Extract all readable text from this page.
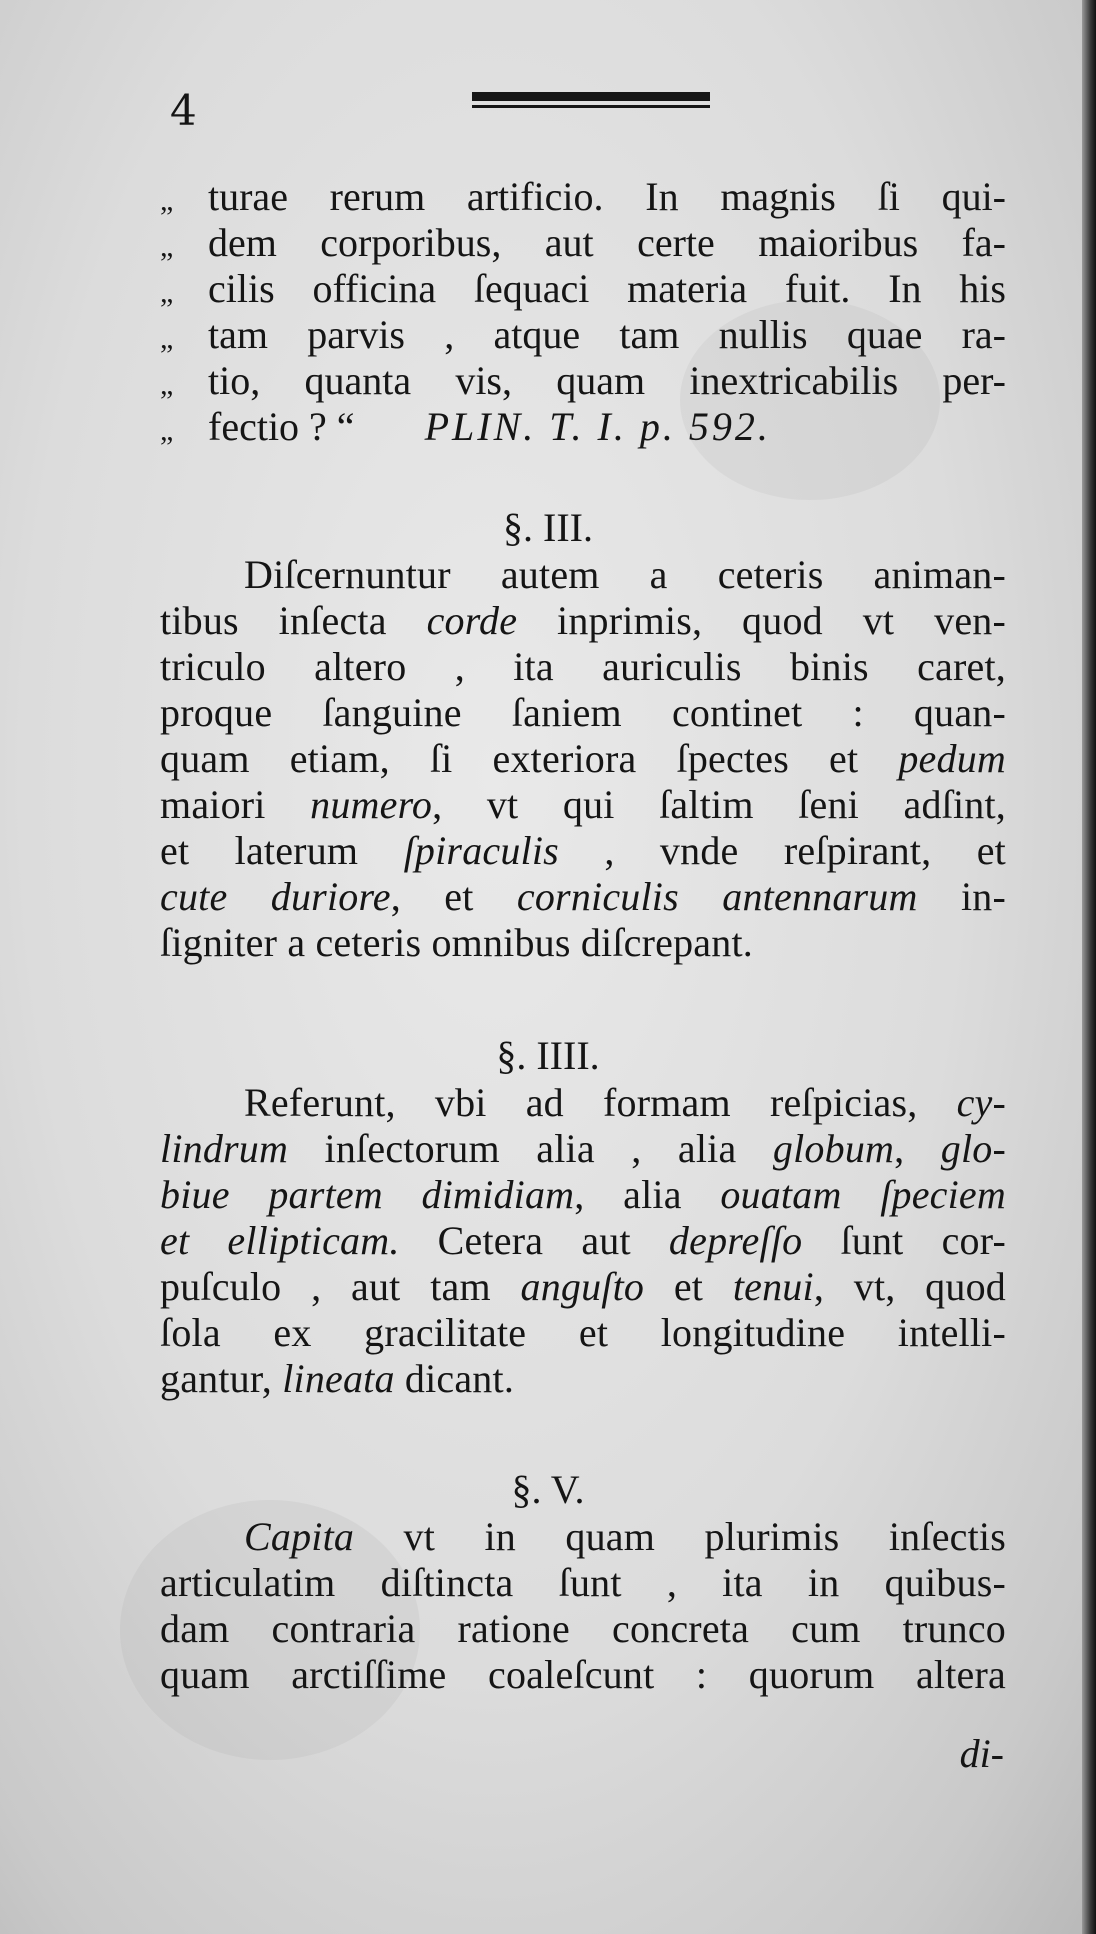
4

„ turae rerum artificio. In magnis ſi qui-
„ dem corporibus, aut certe maioribus fa-
„ cilis officina ſequaci materia fuit. In his
„ tam parvis , atque tam nullis quae ra-
„ tio, quanta vis, quam inextricabilis per-
„ fectio ? “ PLIN. T. I. p. 592.

§. III.

Diſcernuntur autem a ceteris animan-
tibus inſecta corde inprimis, quod vt ven-
triculo altero , ita auriculis binis caret,
proque ſanguine ſaniem continet : quan-
quam etiam, ſi exteriora ſpectes et pedum
maiori numero, vt qui ſaltim ſeni adſint,
et laterum ſpiraculis , vnde reſpirant, et
cute duriore, et corniculis antennarum in-
ſigniter a ceteris omnibus diſcrepant.

§. IIII.

Referunt, vbi ad formam reſpicias, cy-
lindrum inſectorum alia , alia globum, glo-
biue partem dimidiam, alia ouatam ſpeciem
et ellipticam. Cetera aut depreſſo ſunt cor-
puſculo , aut tam anguſto et tenui, vt, quod
ſola ex gracilitate et longitudine intelli-
gantur, lineata dicant.

§. V.

Capita vt in quam plurimis inſectis
articulatim diſtincta ſunt , ita in quibus-
dam contraria ratione concreta cum trunco
quam arctiſſime coaleſcunt : quorum altera
di-
